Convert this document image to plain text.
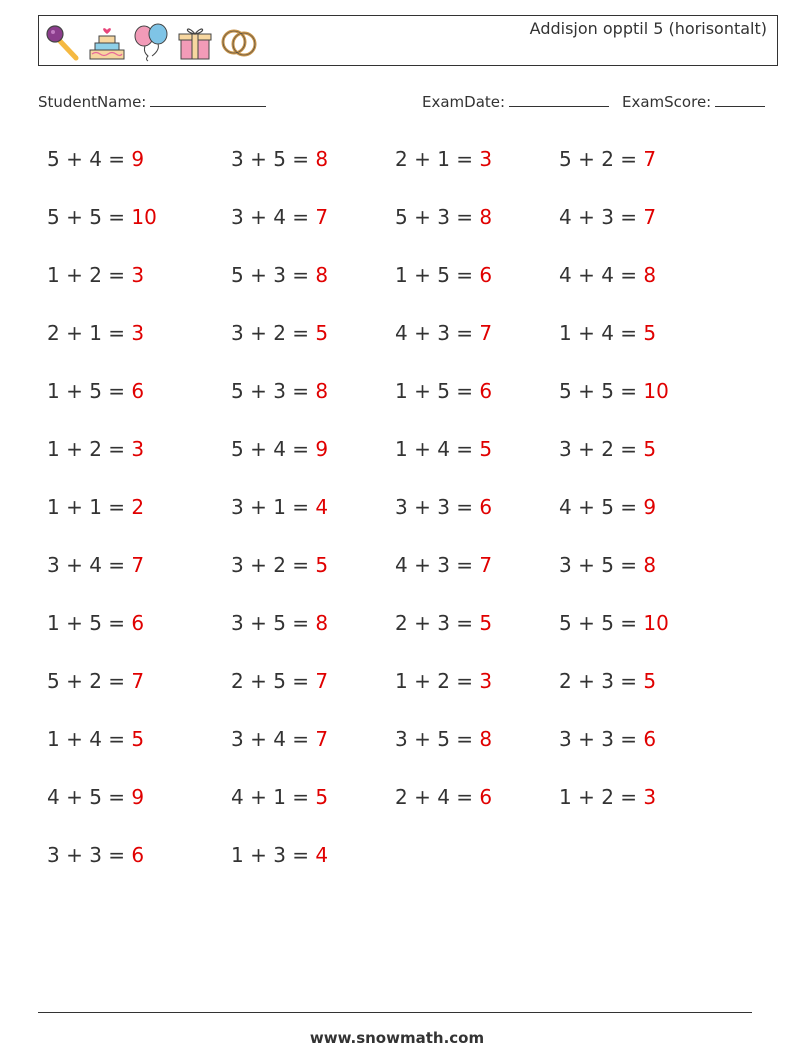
Addisjon opptil 5 (horisontalt)
StudentName:	ExamDate:	ExamScore:
5 + 4 = 9	3 + 5 = 8	2 + 1 = 3	5 + 2 = 7
5 + 5 = 10	3 + 4 = 7	5 + 3 = 8	4 + 3 = 7
1 + 2 = 3	5 + 3 = 8	1 + 5 = 6	4 + 4 = 8
2 + 1 = 3	3 + 2 = 5	4 + 3 = 7	1 + 4 = 5
1 + 5 = 6	5 + 3 = 8	1 + 5 = 6	5 + 5 = 10
1 + 2 = 3	5 + 4 = 9	1 + 4 = 5	3 + 2 = 5
1 + 1 = 2	3 + 1 = 4	3 + 3 = 6	4 + 5 = 9
3 + 4 = 7	3 + 2 = 5	4 + 3 = 7	3 + 5 = 8
1 + 5 = 6	3 + 5 = 8	2 + 3 = 5	5 + 5 = 10
5 + 2 = 7	2 + 5 = 7	1 + 2 = 3	2 + 3 = 5
1 + 4 = 5	3 + 4 = 7	3 + 5 = 8	3 + 3 = 6
4 + 5 = 9	4 + 1 = 5	2 + 4 = 6	1 + 2 = 3
3 + 3 = 6	1 + 3 = 4
www.snowmath.com
